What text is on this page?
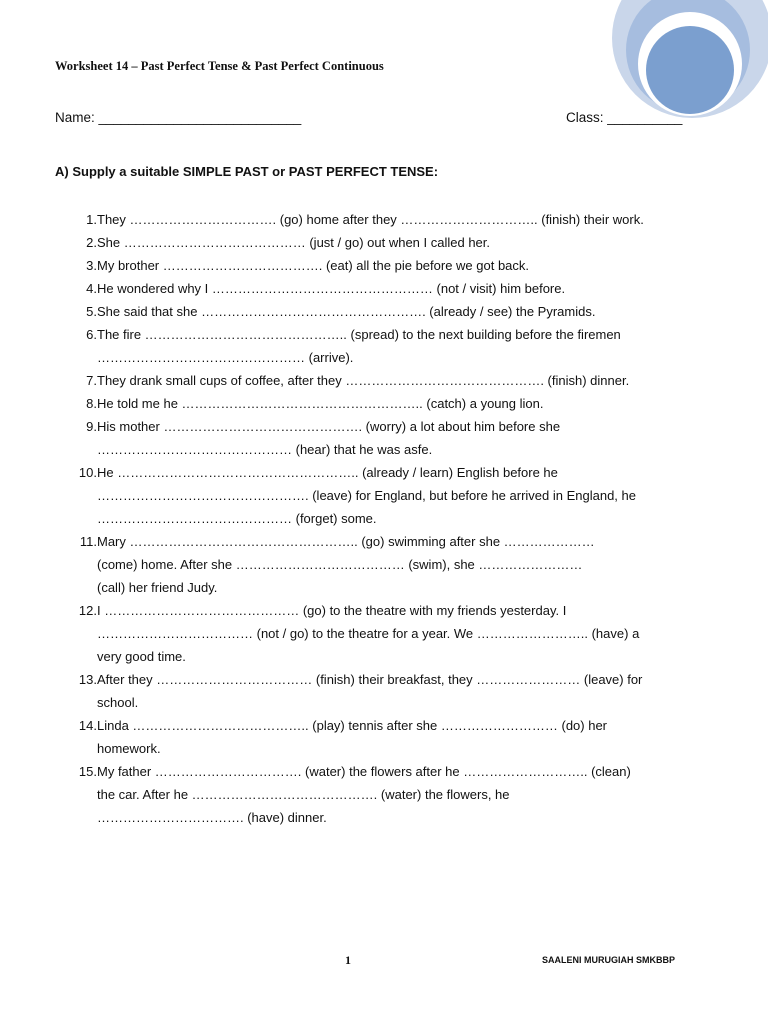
Worksheet 14 – Past Perfect Tense & Past Perfect Continuous
Name: ___________________________	Class: __________
A) Supply a suitable SIMPLE PAST or PAST PERFECT TENSE:
1. They ……………………………. (go) home after they ………………………….. (finish) their work.
2. She …………………………………… (just / go) out when I called her.
3. My brother ………………………………. (eat) all the pie before we got back.
4. He wondered why I …………………………………………… (not / visit) him before.
5. She said that she ……………………………………………. (already / see) the Pyramids.
6. The fire ……………………………………….. (spread) to the next building before the firemen
………………………………………… (arrive).
7. They drank small cups of coffee, after they ………………………………………. (finish) dinner.
8. He told me he ……………………………………………….. (catch) a young lion.
9. His mother ………………………………………. (worry) a lot about him before she
……………………………………… (hear) that he was asfe.
10. He ……………………………………………….. (already / learn) English before he
…………………………………………. (leave) for England, but before he arrived in England, he
……………………………………… (forget) some.
11. Mary …………………………………………….. (go) swimming after she …………………
(come) home. After she ………………………………… (swim), she ……………………
(call) her friend Judy.
12. I ……………………………………… (go) to the theatre with my friends yesterday. I
……………………………… (not / go) to the theatre for a year. We …………………….. (have) a
very good time.
13. After they ……………………………… (finish) their breakfast, they …………………… (leave) for
school.
14. Linda ………………………………….. (play) tennis after she ……………………… (do) her
homework.
15. My father ……………………………. (water) the flowers after he ……………………….. (clean)
the car. After he ……………………………………. (water) the flowers, he
……………………………. (have) dinner.
1	SAALENI MURUGIAH SMKBBP
